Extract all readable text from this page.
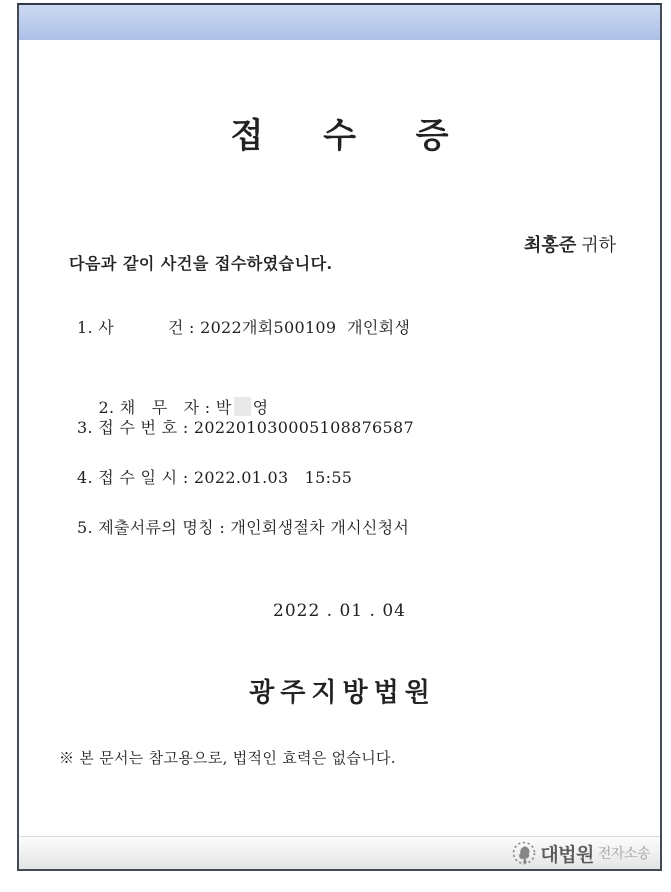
접  수  증

최홍준 귀하

다음과 같이 사건을 접수하였습니다.
1. 사          건 : 2022개회500109  개인회생

2. 채   무   자 : 박 영

3. 접 수 번 호 : 202201030005108876587
4. 접 수 일 시 : 2022.01.03   15:55
5. 제출서류의 명칭 : 개인회생절차 개시신청서
2022 . 01 . 04
광주지방법원
※ 본 문서는 참고용으로, 법적인 효력은 없습니다.
대법원 전자소송
